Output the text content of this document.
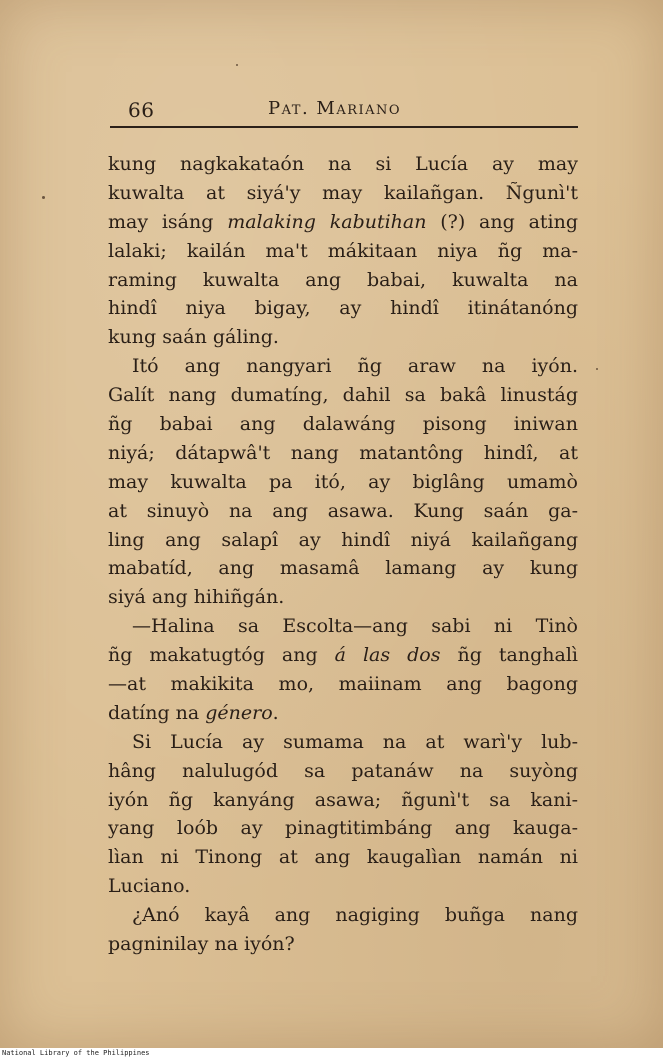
66	Pat. Mariano
kung nagkakataón na si Lucía ay may
kuwalta at siyá'y may kailañgan. Ñgunì't
may isáng malaking kabutihan (?) ang ating
lalaki; kailán ma't mákitaan niya ñg ma-
raming kuwalta ang babai, kuwalta na
hindî niya bigay, ay hindî itinátanóng
kung saán gáling.
Itó ang nangyari ñg araw na iyón.
Galít nang dumatíng, dahil sa bakâ linustág
ñg babai ang dalawáng pisong iniwan
niyá; dátapwâ't nang matantông hindî, at
may kuwalta pa itó, ay biglâng umamò
at sinuyò na ang asawa. Kung saán ga-
ling ang salapî ay hindî niyá kailañgang
mabatíd, ang masamâ lamang ay kung
siyá ang hihiñgán.
—Halina sa Escolta—ang sabi ni Tinò
ñg makatugtóg ang á las dos ñg tanghalì
—at makikita mo, maiinam ang bagong
datíng na género.
Si Lucía ay sumama na at warì'y lub-
hâng nalulugód sa patanáw na suyòng
iyón ñg kanyáng asawa; ñgunì't sa kani-
yang loób ay pinagtitimbáng ang kauga-
lìan ni Tinong at ang kaugalìan namán ni
Luciano.
¿Anó kayâ ang nagiging buñga nang
pagninilay na iyón?
National Library of the Philippines
